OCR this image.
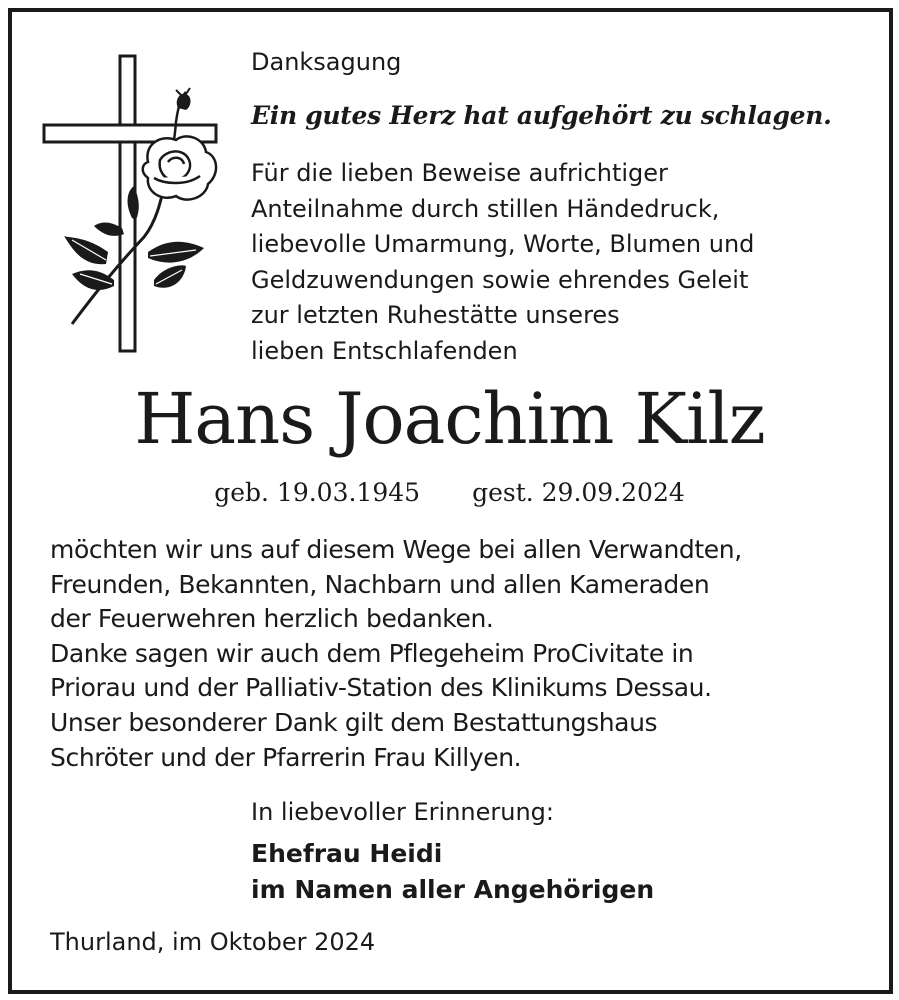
Danksagung
Ein gutes Herz hat aufgehört zu schlagen.
Für die lieben Beweise aufrichtiger
Anteilnahme durch stillen Händedruck,
liebevolle Umarmung, Worte, Blumen und
Geldzuwendungen sowie ehrendes Geleit
zur letzten Ruhestätte unseres
lieben Entschlafenden
Hans Joachim Kilz
geb. 19.03.1945 gest. 29.09.2024
möchten wir uns auf diesem Wege bei allen Verwandten,
Freunden, Bekannten, Nachbarn und allen Kameraden
der Feuerwehren herzlich bedanken.
Danke sagen wir auch dem Pflegeheim ProCivitate in
Priorau und der Palliativ-Station des Klinikums Dessau.
Unser besonderer Dank gilt dem Bestattungshaus
Schröter und der Pfarrerin Frau Killyen.
In liebevoller Erinnerung:
Ehefrau Heidi
im Namen aller Angehörigen
Thurland, im Oktober 2024
